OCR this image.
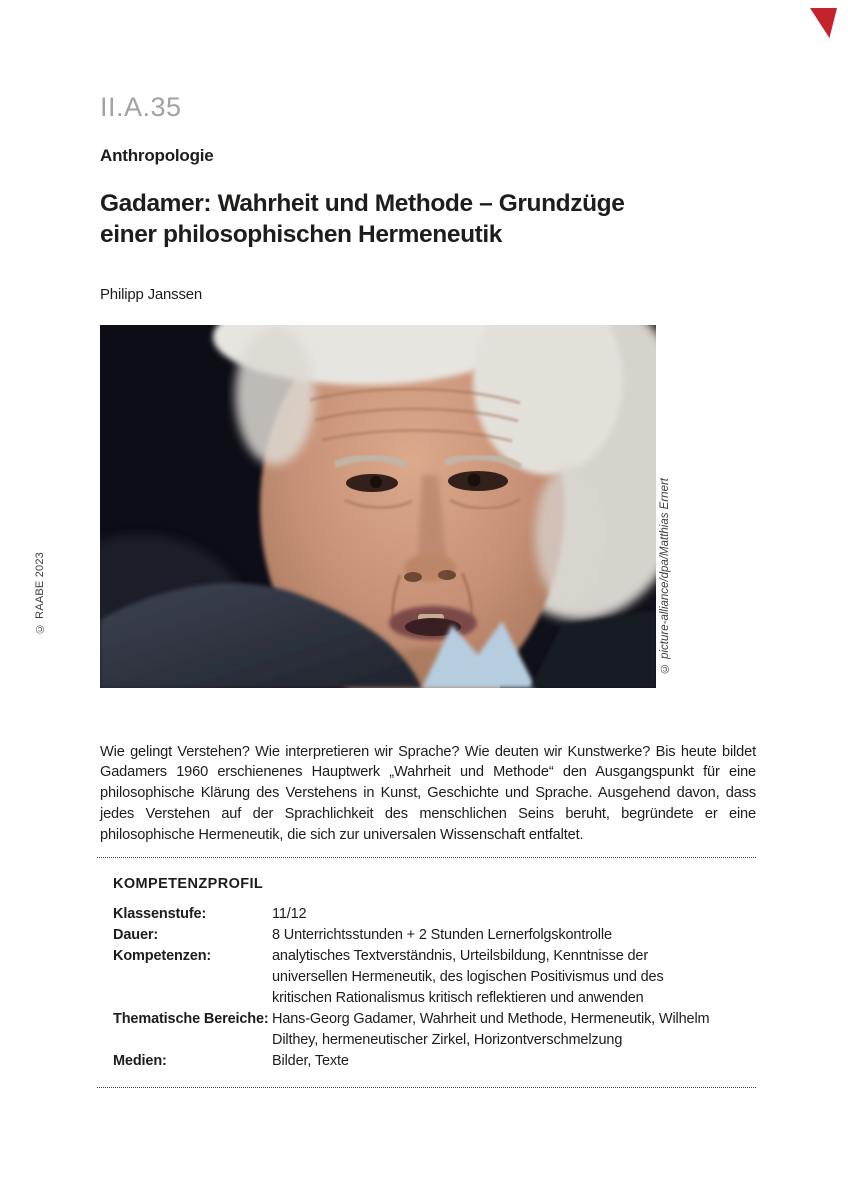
II.A.35
Anthropologie
Gadamer: Wahrheit und Methode – Grundzüge
einer philosophischen Hermeneutik
Philipp Janssen
© RAABE 2023	© picture-alliance/dpa/Matthias Ernert

Wie gelingt Verstehen? Wie interpretieren wir Sprache? Wie deuten wir Kunstwerke? Bis heute bildet Gadamers 1960 erschienenes Hauptwerk „Wahrheit und Methode“ den Ausgangspunkt für eine philosophische Klärung des Verstehens in Kunst, Geschichte und Sprache. Ausgehend davon, dass jedes Verstehen auf der Sprachlichkeit des menschlichen Seins beruht, begründete er eine philosophische Hermeneutik, die sich zur universalen Wissenschaft entfaltet.

KOMPETENZPROFIL
Klassenstufe:	11/12
Dauer:	8 Unterrichtsstunden + 2 Stunden Lernerfolgskontrolle
Kompetenzen:	analytisches Textverständnis, Urteilsbildung, Kenntnisse der universellen Hermeneutik, des logischen Positivismus und des kritischen Rationalismus kritisch reflektieren und anwenden
Thematische Bereiche: Hans-Georg Gadamer, Wahrheit und Methode, Hermeneutik, Wilhelm Dilthey, hermeneutischer Zirkel, Horizontverschmelzung
Medien:	Bilder, Texte
